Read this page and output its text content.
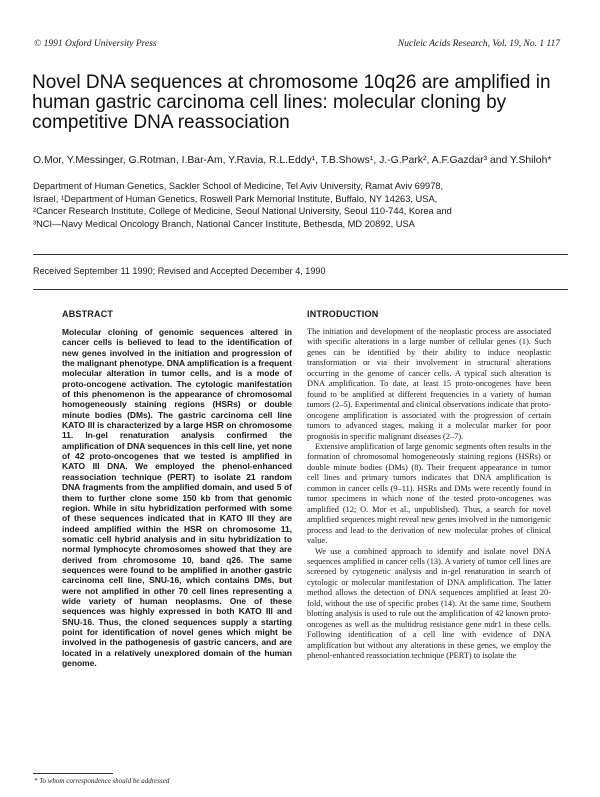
© 1991 Oxford University Press	Nucleic Acids Research, Vol. 19, No. 1 117
Novel DNA sequences at chromosome 10q26 are amplified in human gastric carcinoma cell lines: molecular cloning by competitive DNA reassociation
O.Mor, Y.Messinger, G.Rotman, I.Bar-Am, Y.Ravia, R.L.Eddy¹, T.B.Shows¹, J.-G.Park², A.F.Gazdar³ and Y.Shiloh*
Department of Human Genetics, Sackler School of Medicine, Tel Aviv University, Ramat Aviv 69978,
Israel, ¹Department of Human Genetics, Roswell Park Memorial Institute, Buffalo, NY 14263, USA,
²Cancer Research Institute, College of Medicine, Seoul National University, Seoul 110-744, Korea and
³NCI—Navy Medical Oncology Branch, National Cancer Institute, Bethesda, MD 20892, USA
Received September 11 1990; Revised and Accepted December 4, 1990
ABSTRACT

Molecular cloning of genomic sequences altered in cancer cells is believed to lead to the identification of new genes involved in the initiation and progression of the malignant phenotype. DNA amplification is a frequent molecular alteration in tumor cells, and is a mode of proto-oncogene activation. The cytologic manifestation of this phenomenon is the appearance of chromosomal homogeneously staining regions (HSRs) or double minute bodies (DMs). The gastric carcinoma cell line KATO III is characterized by a large HSR on chromosome 11. In-gel renaturation analysis confirmed the amplification of DNA sequences in this cell line, yet none of 42 proto-oncogenes that we tested is amplified in KATO III DNA. We employed the phenol-enhanced reassociation technique (PERT) to isolate 21 random DNA fragments from the amplified domain, and used 5 of them to further clone some 150 kb from that genomic region. While in situ hybridization performed with some of these sequences indicated that in KATO III they are indeed amplified within the HSR on chromosome 11, somatic cell hybrid analysis and in situ hybridization to normal lymphocyte chromosomes showed that they are derived from chromosome 10, band q26. The same sequences were found to be amplified in another gastric carcinoma cell line, SNU-16, which contains DMs, but were not amplified in other 70 cell lines representing a wide variety of human neoplasms. One of these sequences was highly expressed in both KATO III and SNU-16. Thus, the cloned sequences supply a starting point for identification of novel genes which might be involved in the pathogenesis of gastric cancers, and are located in a relatively unexplored domain of the human genome.

INTRODUCTION

The initiation and development of the neoplastic process are associated with specific alterations in a large number of cellular genes (1). Such genes can be identified by their ability to induce neoplastic transformation or via their involvement in structural alterations occurring in the genome of cancer cells. A typical such alteration is DNA amplification. To date, at least 15 proto-oncogenes have been found to be amplified at different frequencies in a variety of human tumors (2–5). Experimental and clinical observations indicate that proto-oncogene amplification is associated with the progression of certain tumors to advanced stages, making it a molecular marker for poor prognosis in specific malignant diseases (2–7).

Extensive amplification of large genomic segments often results in the formation of chromosomal homogeneously staining regions (HSRs) or double minute bodies (DMs) (8). Their frequent appearance in tumor cell lines and primary tumors indicates that DNA amplification is common in cancer cells (9–11). HSRs and DMs were recently found in tumor specimens in which none of the tested proto-oncogenes was amplified (12; O. Mor et al., unpublished). Thus, a search for novel amplified sequences might reveal new genes involved in the tumorigenic process and lead to the derivation of new molecular probes of clinical value.

We use a combined approach to identify and isolate novel DNA sequences amplified in cancer cells (13). A variety of tumor cell lines are screened by cytogenetic analysis and in-gel renaturation in search of cytologic or molecular manifestation of DNA amplification. The latter method allows the detection of DNA sequences amplified at least 20-fold, without the use of specific probes (14). At the same time, Southern blotting analysis is used to rule out the amplification of 42 known proto-oncogenes as well as the multidrug resistance gene mdr1 in these cells. Following identification of a cell line with evidence of DNA amplification but without any alterations in these genes, we employ the phenol-enhanced reassociation technique (PERT) to isolate the

* To whom correspondence should be addressed
